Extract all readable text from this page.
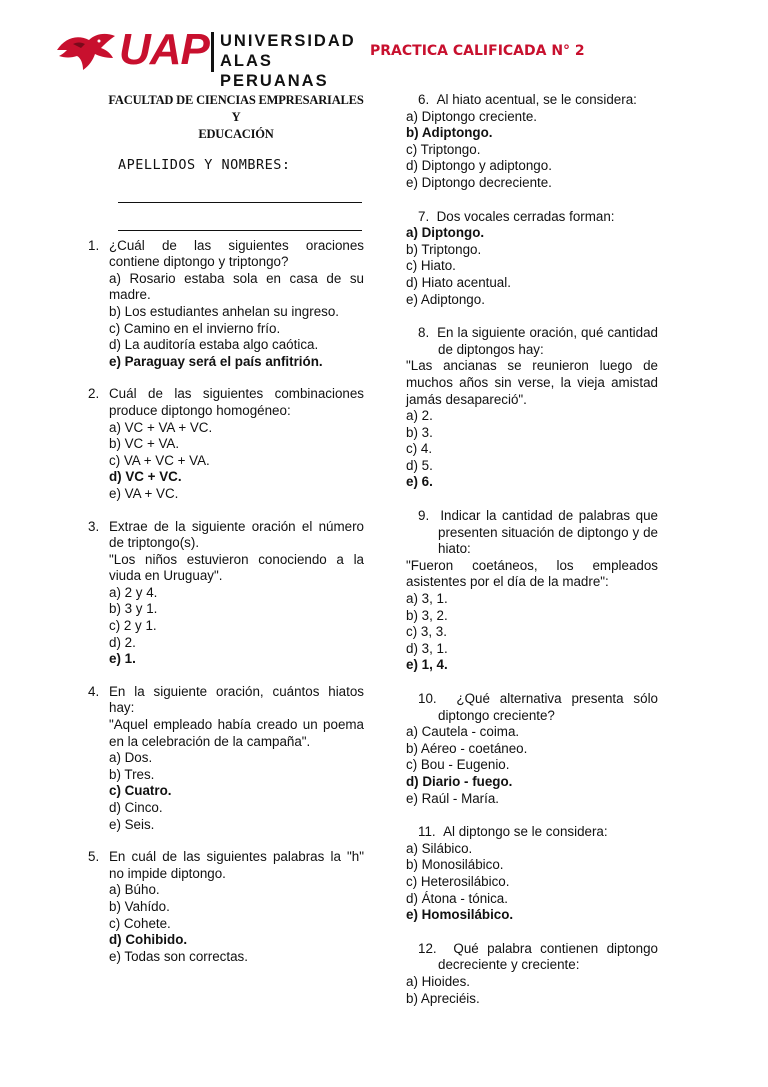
UAP UNIVERSIDAD
ALAS PERUANAS
PRACTICA CALIFICADA N° 2
FACULTAD DE CIENCIAS EMPRESARIALES Y
EDUCACIÓN
APELLIDOS Y NOMBRES:
1. ¿Cuál de las siguientes oraciones contiene diptongo y triptongo?

a) Rosario estaba sola en casa de su madre.

b) Los estudiantes anhelan su ingreso.

c) Camino en el invierno frío.

d) La auditoría estaba algo caótica.

e) Paraguay será el país anfitrión.

2. Cuál de las siguientes combinaciones produce diptongo homogéneo:

a) VC + VA + VC.

b) VC + VA.

c) VA + VC + VA.

d) VC + VC.

e) VA + VC.

3. Extrae de la siguiente oración el número de triptongo(s).

"Los niños estuvieron conociendo a la viuda en Uruguay".

a) 2 y 4.

b) 3 y 1.

c) 2 y 1.

d) 2.

e) 1.

4. En la siguiente oración, cuántos hiatos hay:

"Aquel empleado había creado un poema en la celebración de la campaña".

a) Dos.

b) Tres.

c) Cuatro.

d) Cinco.

e) Seis.

5. En cuál de las siguientes palabras la "h" no impide diptongo.

a) Búho.

b) Vahído.

c) Cohete.

d) Cohibido.

e) Todas son correctas.

6. Al hiato acentual, se le considera:

a) Diptongo creciente.

b) Adiptongo.

c) Triptongo.

d) Diptongo y adiptongo.

e) Diptongo decreciente.

7. Dos vocales cerradas forman:

a) Diptongo.

b) Triptongo.

c) Hiato.

d) Hiato acentual.

e) Adiptongo.

8. En la siguiente oración, qué cantidad de diptongos hay:

"Las ancianas se reunieron luego de muchos años sin verse, la vieja amistad jamás desapareció".

a) 2.

b) 3.

c) 4.

d) 5.

e) 6.

9. Indicar la cantidad de palabras que presenten situación de diptongo y de hiato:

"Fueron coetáneos, los empleados asistentes por el día de la madre":

a) 3, 1.

b) 3, 2.

c) 3, 3.

d) 3, 1.

e) 1, 4.

10. ¿Qué alternativa presenta sólo diptongo creciente?

a) Cautela - coima.

b) Aéreo - coetáneo.

c) Bou - Eugenio.

d) Diario - fuego.

e) Raúl - María.

11. Al diptongo se le considera:

a) Silábico.

b) Monosilábico.

c) Heterosilábico.

d) Átona - tónica.

e) Homosilábico.

12. Qué palabra contienen diptongo decreciente y creciente:

a) Hioides.

b) Apreciéis.
